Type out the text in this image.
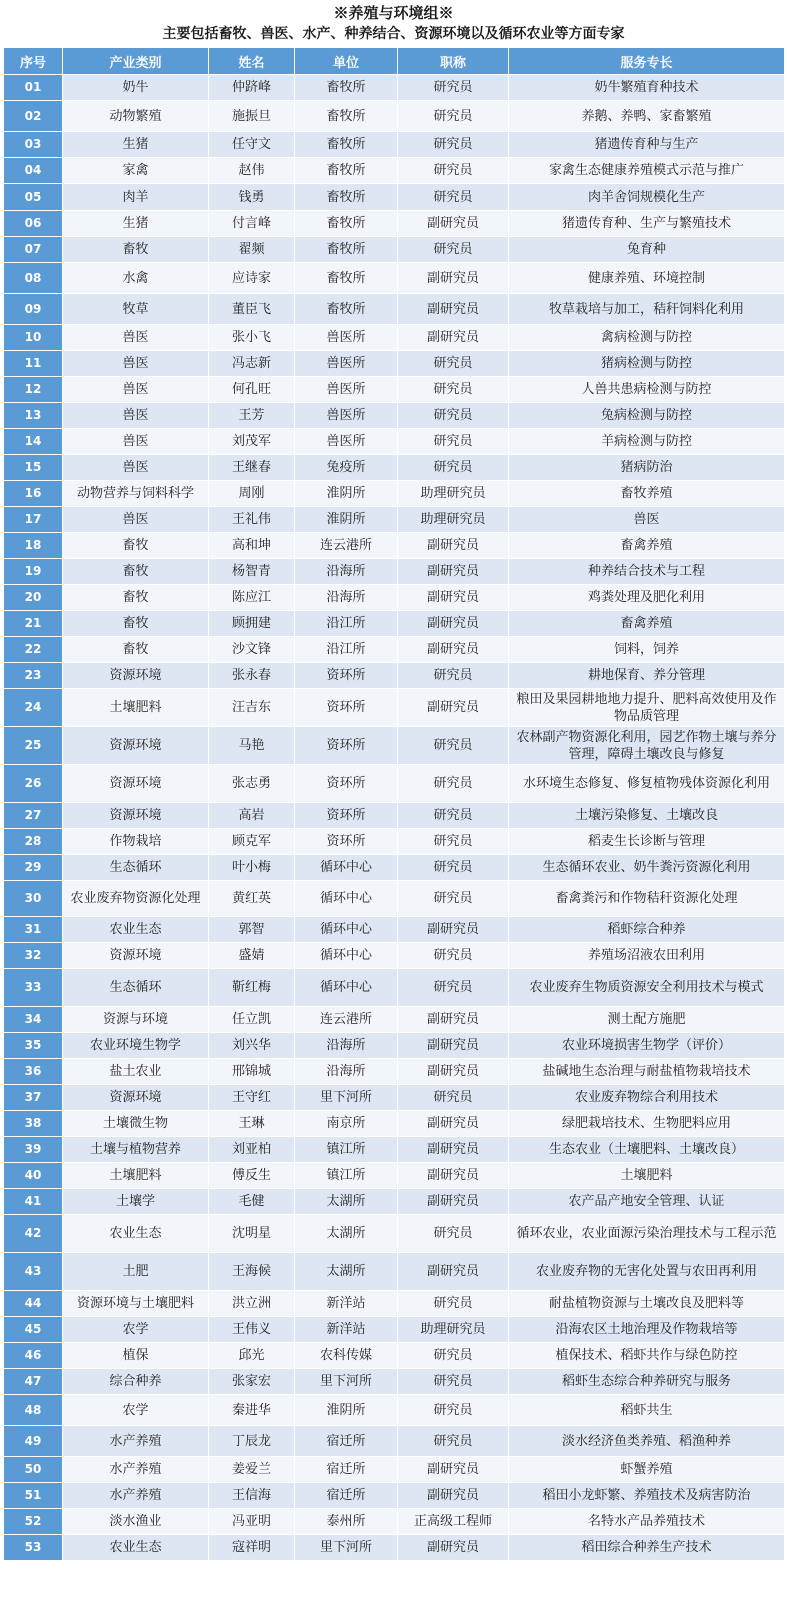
※养殖与环境组※
主要包括畜牧、兽医、水产、种养结合、资源环境以及循环农业等方面专家
序号	产业类别	姓名	单位	职称	服务专长
01	奶牛	仲跻峰	畜牧所	研究员	奶牛繁殖育种技术
02	动物繁殖	施振旦	畜牧所	研究员	养鹅、养鸭、家畜繁殖
03	生猪	任守文	畜牧所	研究员	猪遗传育种与生产
04	家禽	赵伟	畜牧所	研究员	家禽生态健康养殖模式示范与推广
05	肉羊	钱勇	畜牧所	研究员	肉羊舍饲规模化生产
06	生猪	付言峰	畜牧所	副研究员	猪遗传育种、生产与繁殖技术
07	畜牧	翟频	畜牧所	研究员	兔育种
08	水禽	应诗家	畜牧所	副研究员	健康养殖、环境控制
09	牧草	董臣飞	畜牧所	副研究员	牧草栽培与加工，秸秆饲料化利用
10	兽医	张小飞	兽医所	副研究员	禽病检测与防控
11	兽医	冯志新	兽医所	研究员	猪病检测与防控
12	兽医	何孔旺	兽医所	研究员	人兽共患病检测与防控
13	兽医	王芳	兽医所	研究员	兔病检测与防控
14	兽医	刘茂军	兽医所	研究员	羊病检测与防控
15	兽医	王继春	兔疫所	研究员	猪病防治
16	动物营养与饲料科学	周刚	淮阴所	助理研究员	畜牧养殖
17	兽医	王礼伟	淮阴所	助理研究员	兽医
18	畜牧	高和坤	连云港所	副研究员	畜禽养殖
19	畜牧	杨智青	沿海所	副研究员	种养结合技术与工程
20	畜牧	陈应江	沿海所	副研究员	鸡粪处理及肥化利用
21	畜牧	顾拥建	沿江所	副研究员	畜禽养殖
22	畜牧	沙文锋	沿江所	副研究员	饲料，饲养
23	资源环境	张永春	资环所	研究员	耕地保育、养分管理
24	土壤肥料	汪吉东	资环所	副研究员	粮田及果园耕地地力提升、肥料高效使用及作物品质管理
25	资源环境	马艳	资环所	研究员	农林副产物资源化利用，园艺作物土壤与养分管理，障碍土壤改良与修复
26	资源环境	张志勇	资环所	研究员	水环境生态修复、修复植物残体资源化利用
27	资源环境	高岩	资环所	研究员	土壤污染修复、土壤改良
28	作物栽培	顾克军	资环所	研究员	稻麦生长诊断与管理
29	生态循环	叶小梅	循环中心	研究员	生态循环农业、奶牛粪污资源化利用
30	农业废弃物资源化处理	黄红英	循环中心	研究员	畜禽粪污和作物秸秆资源化处理
31	农业生态	郭智	循环中心	副研究员	稻虾综合种养
32	资源环境	盛婧	循环中心	研究员	养殖场沼液农田利用
33	生态循环	靳红梅	循环中心	研究员	农业废弃生物质资源安全利用技术与模式
34	资源与环境	任立凯	连云港所	副研究员	测土配方施肥
35	农业环境生物学	刘兴华	沿海所	副研究员	农业环境损害生物学（评价）
36	盐土农业	邢锦城	沿海所	副研究员	盐碱地生态治理与耐盐植物栽培技术
37	资源环境	王守红	里下河所	研究员	农业废弃物综合利用技术
38	土壤微生物	王琳	南京所	副研究员	绿肥栽培技术、生物肥料应用
39	土壤与植物营养	刘亚柏	镇江所	副研究员	生态农业（土壤肥料、土壤改良）
40	土壤肥料	傅反生	镇江所	副研究员	土壤肥料
41	土壤学	毛健	太湖所	副研究员	农产品产地安全管理、认证
42	农业生态	沈明星	太湖所	研究员	循环农业，农业面源污染治理技术与工程示范
43	土肥	王海候	太湖所	副研究员	农业废弃物的无害化处置与农田再利用
44	资源环境与土壤肥料	洪立洲	新洋站	研究员	耐盐植物资源与土壤改良及肥料等
45	农学	王伟义	新洋站	助理研究员	沿海农区土地治理及作物栽培等
46	植保	邱光	农科传媒	研究员	植保技术、稻虾共作与绿色防控
47	综合种养	张家宏	里下河所	研究员	稻虾生态综合种养研究与服务
48	农学	秦进华	淮阴所	研究员	稻虾共生
49	水产养殖	丁辰龙	宿迁所	研究员	淡水经济鱼类养殖、稻渔种养
50	水产养殖	姜爱兰	宿迁所	副研究员	虾蟹养殖
51	水产养殖	王信海	宿迁所	副研究员	稻田小龙虾繁、养殖技术及病害防治
52	淡水渔业	冯亚明	泰州所	正高级工程师	名特水产品养殖技术
53	农业生态	寇祥明	里下河所	副研究员	稻田综合种养生产技术
